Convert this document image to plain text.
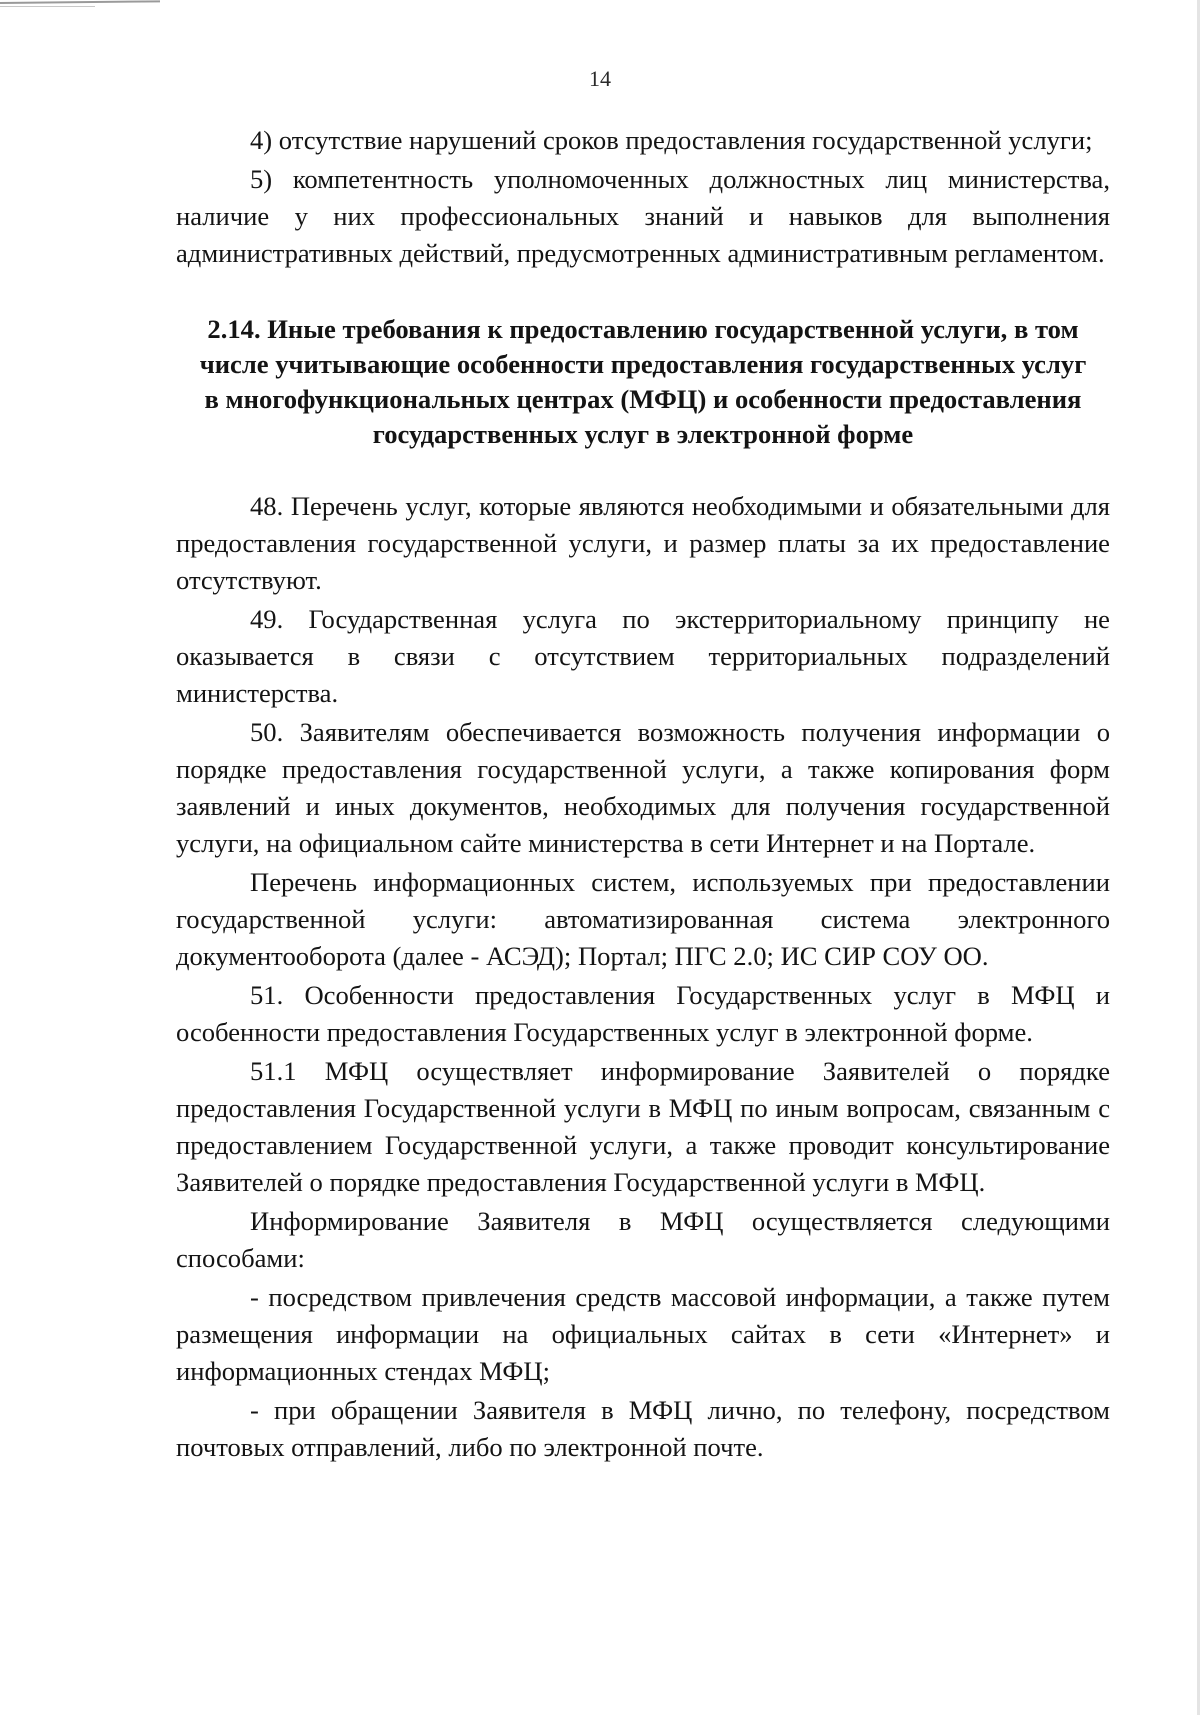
14

4) отсутствие нарушений сроков предоставления государственной услуги;

5) компетентность уполномоченных должностных лиц министерства, наличие у них профессиональных знаний и навыков для выполнения административных действий, предусмотренных административным регламентом.

2.14. Иные требования к предоставлению государственной услуги, в том числе учитывающие особенности предоставления государственных услуг в многофункциональных центрах (МФЦ) и особенности предоставления государственных услуг в электронной форме

48. Перечень услуг, которые являются необходимыми и обязательными для предоставления государственной услуги, и размер платы за их предоставление отсутствуют.

49. Государственная услуга по экстерриториальному принципу не оказывается в связи с отсутствием территориальных подразделений министерства.

50. Заявителям обеспечивается возможность получения информации о порядке предоставления государственной услуги, а также копирования форм заявлений и иных документов, необходимых для получения государственной услуги, на официальном сайте министерства в сети Интернет и на Портале.

Перечень информационных систем, используемых при предоставлении государственной услуги: автоматизированная система электронного документооборота (далее - АСЭД); Портал; ПГС 2.0; ИС СИР СОУ ОО.

51. Особенности предоставления Государственных услуг в МФЦ и особенности предоставления Государственных услуг в электронной форме.

51.1 МФЦ осуществляет информирование Заявителей о порядке предоставления Государственной услуги в МФЦ по иным вопросам, связанным с предоставлением Государственной услуги, а также проводит консультирование Заявителей о порядке предоставления Государственной услуги в МФЦ.

Информирование Заявителя в МФЦ осуществляется следующими способами:

- посредством привлечения средств массовой информации, а также путем размещения информации на официальных сайтах в сети «Интернет» и информационных стендах МФЦ;

- при обращении Заявителя в МФЦ лично, по телефону, посредством почтовых отправлений, либо по электронной почте.
